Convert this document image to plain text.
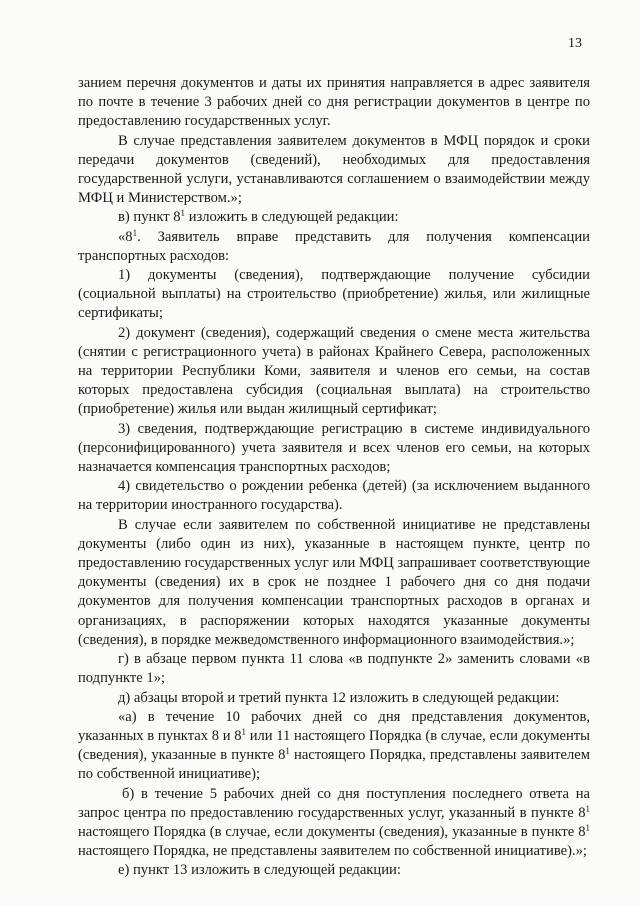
13

занием перечня документов и даты их принятия направляется в адрес заявителя по почте в течение 3 рабочих дней со дня регистрации документов в центре по предоставлению государственных услуг.

В случае представления заявителем документов в МФЦ порядок и сроки передачи документов (сведений), необходимых для предоставления государственной услуги, устанавливаются соглашением о взаимодействии между МФЦ и Министерством.»;

в) пункт $8^1$ изложить в следующей редакции:

«$8^1$. Заявитель вправе представить для получения компенсации транспортных расходов:

1) документы (сведения), подтверждающие получение субсидии (социальной выплаты) на строительство (приобретение) жилья, или жилищные сертификаты;

2) документ (сведения), содержащий сведения о смене места жительства (снятии с регистрационного учета) в районах Крайнего Севера, расположенных на территории Республики Коми, заявителя и членов его семьи, на состав которых предоставлена субсидия (социальная выплата) на строительство (приобретение) жилья или выдан жилищный сертификат;

3) сведения, подтверждающие регистрацию в системе индивидуального (персонифицированного) учета заявителя и всех членов его семьи, на которых назначается компенсация транспортных расходов;

4) свидетельство о рождении ребенка (детей) (за исключением выданного на территории иностранного государства).

В случае если заявителем по собственной инициативе не представлены документы (либо один из них), указанные в настоящем пункте, центр по предоставлению государственных услуг или МФЦ запрашивает соответствующие документы (сведения) их в срок не позднее 1 рабочего дня со дня подачи документов для получения компенсации транспортных расходов в органах и организациях, в распоряжении которых находятся указанные документы (сведения), в порядке межведомственного информационного взаимодействия.»;

г) в абзаце первом пункта 11 слова «в подпункте 2» заменить словами «в подпункте 1»;

д) абзацы второй и третий пункта 12 изложить в следующей редакции:

«а) в течение 10 рабочих дней со дня представления документов, указанных в пунктах 8 и $8^1$ или 11 настоящего Порядка (в случае, если документы (сведения), указанные в пункте $8^1$ настоящего Порядка, представлены заявителем по собственной инициативе);

б) в течение 5 рабочих дней со дня поступления последнего ответа на запрос центра по предоставлению государственных услуг, указанный в пункте $8^1$ настоящего Порядка (в случае, если документы (сведения), указанные в пункте $8^1$ настоящего Порядка, не представлены заявителем по собственной инициативе).»;

е) пункт 13 изложить в следующей редакции:
